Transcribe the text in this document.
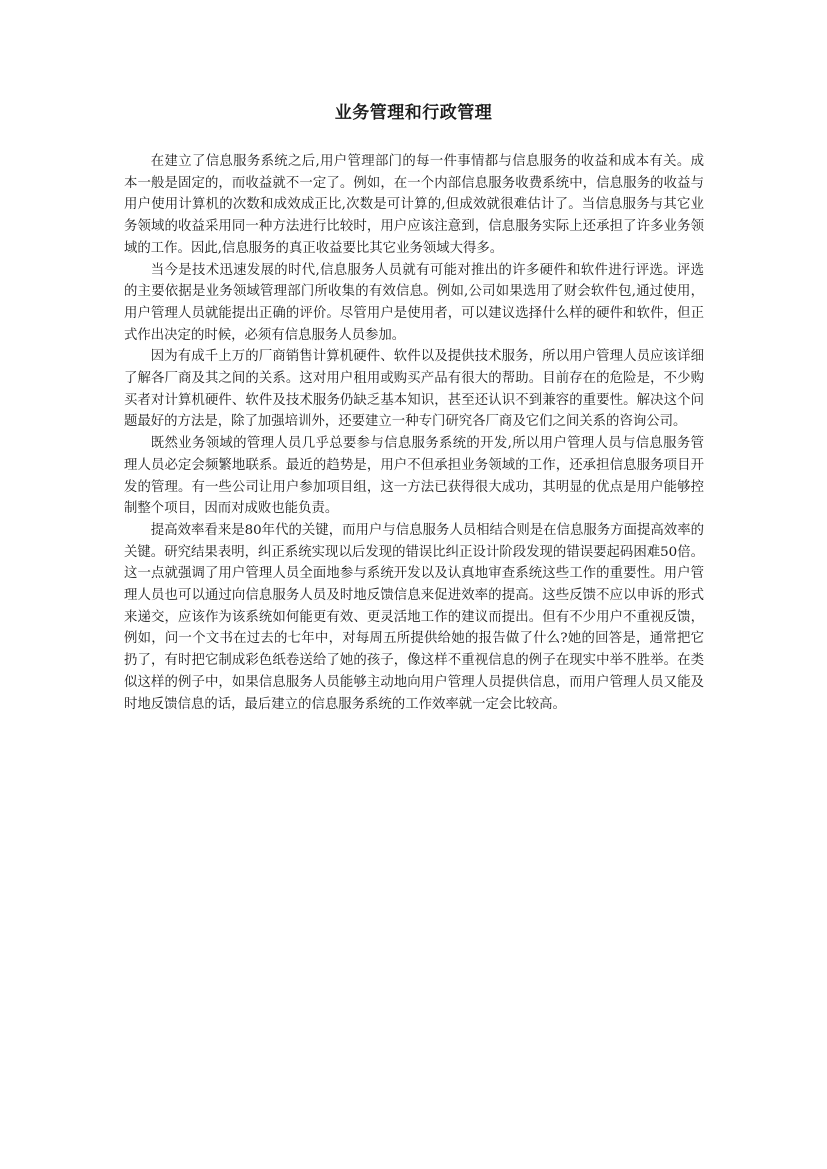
业务管理和行政管理

在建立了信息服务系统之后,用户管理部门的每一件事情都与信息服务的收益和成本有关。成本一般是固定的，而收益就不一定了。例如，在一个内部信息服务收费系统中，信息服务的收益与用户使用计算机的次数和成效成正比,次数是可计算的,但成效就很难估计了。当信息服务与其它业务领域的收益采用同一种方法进行比较时，用户应该注意到，信息服务实际上还承担了许多业务领域的工作。因此,信息服务的真正收益要比其它业务领域大得多。

当今是技术迅速发展的时代,信息服务人员就有可能对推出的许多硬件和软件进行评选。评选的主要依据是业务领域管理部门所收集的有效信息。例如,公司如果选用了财会软件包,通过使用，用户管理人员就能提出正确的评价。尽管用户是使用者，可以建议选择什么样的硬件和软件，但正式作出决定的时候，必须有信息服务人员参加。

因为有成千上万的厂商销售计算机硬件、软件以及提供技术服务，所以用户管理人员应该详细了解各厂商及其之间的关系。这对用户租用或购买产品有很大的帮助。目前存在的危险是，不少购买者对计算机硬件、软件及技术服务仍缺乏基本知识，甚至还认识不到兼容的重要性。解决这个问题最好的方法是，除了加强培训外，还要建立一种专门研究各厂商及它们之间关系的咨询公司。

既然业务领域的管理人员几乎总要参与信息服务系统的开发,所以用户管理人员与信息服务管理人员必定会频繁地联系。最近的趋势是，用户不但承担业务领域的工作，还承担信息服务项目开发的管理。有一些公司让用户参加项目组，这一方法已获得很大成功，其明显的优点是用户能够控制整个项目，因而对成败也能负责。

提高效率看来是80年代的关键，而用户与信息服务人员相结合则是在信息服务方面提高效率的关键。研究结果表明，纠正系统实现以后发现的错误比纠正设计阶段发现的错误要起码困难50倍。这一点就强调了用户管理人员全面地参与系统开发以及认真地审查系统这些工作的重要性。用户管理人员也可以通过向信息服务人员及时地反馈信息来促进效率的提高。这些反馈不应以申诉的形式来递交，应该作为该系统如何能更有效、更灵活地工作的建议而提出。但有不少用户不重视反馈，例如，问一个文书在过去的七年中，对每周五所提供给她的报告做了什么?她的回答是，通常把它扔了，有时把它制成彩色纸卷送给了她的孩子，像这样不重视信息的例子在现实中举不胜举。在类似这样的例子中，如果信息服务人员能够主动地向用户管理人员提供信息，而用户管理人员又能及时地反馈信息的话，最后建立的信息服务系统的工作效率就一定会比较高。
